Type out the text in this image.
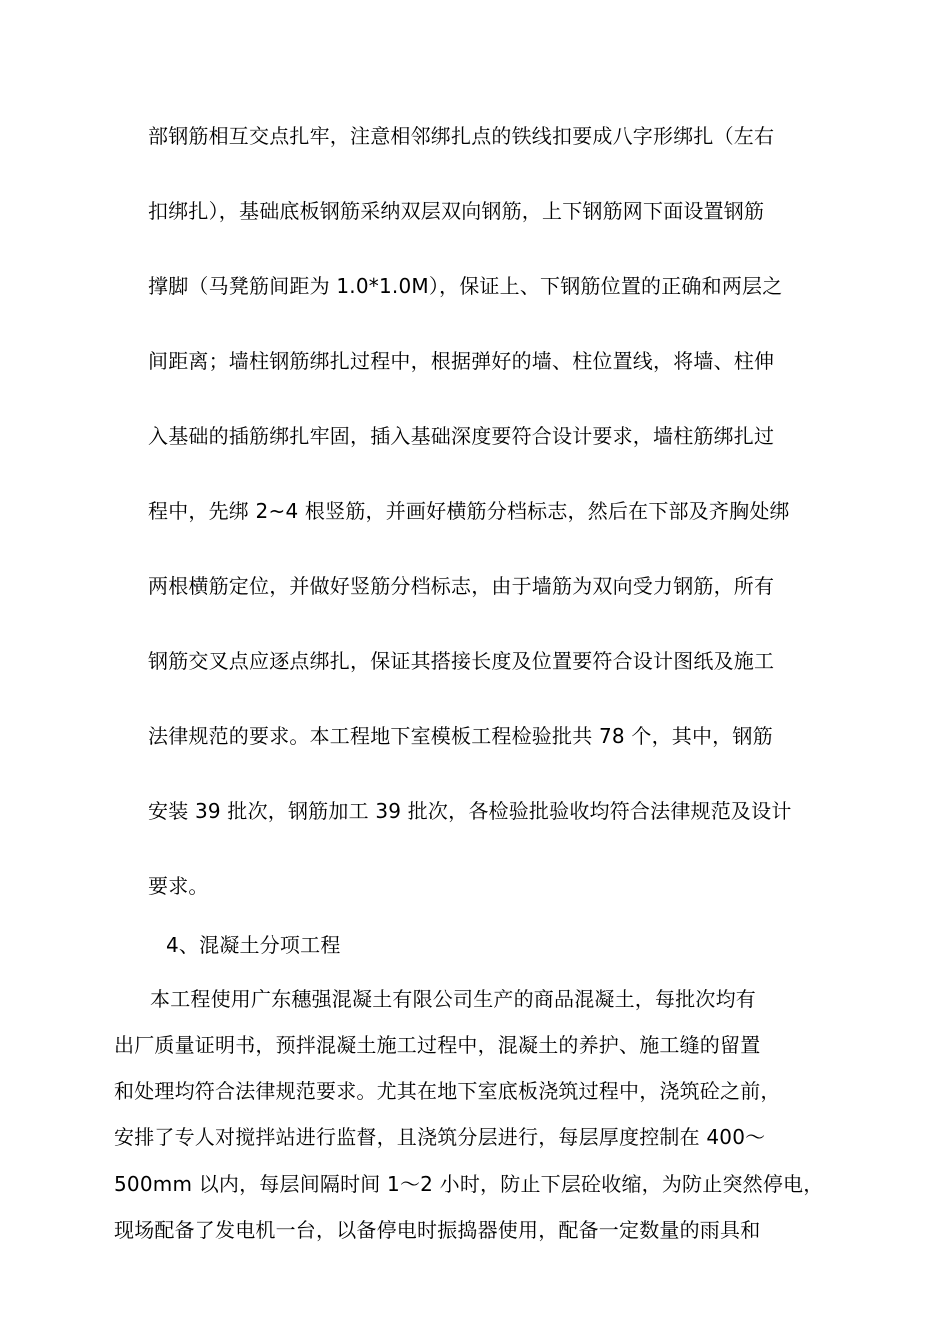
部钢筋相互交点扎牢，注意相邻绑扎点的铁线扣要成八字形绑扎（左右

扣绑扎），基础底板钢筋采纳双层双向钢筋，上下钢筋网下面设置钢筋

撑脚（马凳筋间距为 1.0*1.0M），保证上、下钢筋位置的正确和两层之

间距离；墙柱钢筋绑扎过程中，根据弹好的墙、柱位置线，将墙、柱伸

入基础的插筋绑扎牢固，插入基础深度要符合设计要求，墙柱筋绑扎过

程中，先绑 2~4 根竖筋，并画好横筋分档标志，然后在下部及齐胸处绑

两根横筋定位，并做好竖筋分档标志，由于墙筋为双向受力钢筋，所有

钢筋交叉点应逐点绑扎，保证其搭接长度及位置要符合设计图纸及施工

法律规范的要求。本工程地下室模板工程检验批共 78 个，其中，钢筋

安装 39 批次，钢筋加工 39 批次，各检验批验收均符合法律规范及设计

要求。

4、混凝土分项工程

本工程使用广东穗强混凝土有限公司生产的商品混凝土，每批次均有

出厂质量证明书，预拌混凝土施工过程中，混凝土的养护、施工缝的留置

和处理均符合法律规范要求。尤其在地下室底板浇筑过程中，浇筑砼之前，

安排了专人对搅拌站进行监督，且浇筑分层进行，每层厚度控制在 400～

500mm 以内，每层间隔时间 1～2 小时，防止下层砼收缩，为防止突然停电，

现场配备了发电机一台，以备停电时振捣器使用，配备一定数量的雨具和
